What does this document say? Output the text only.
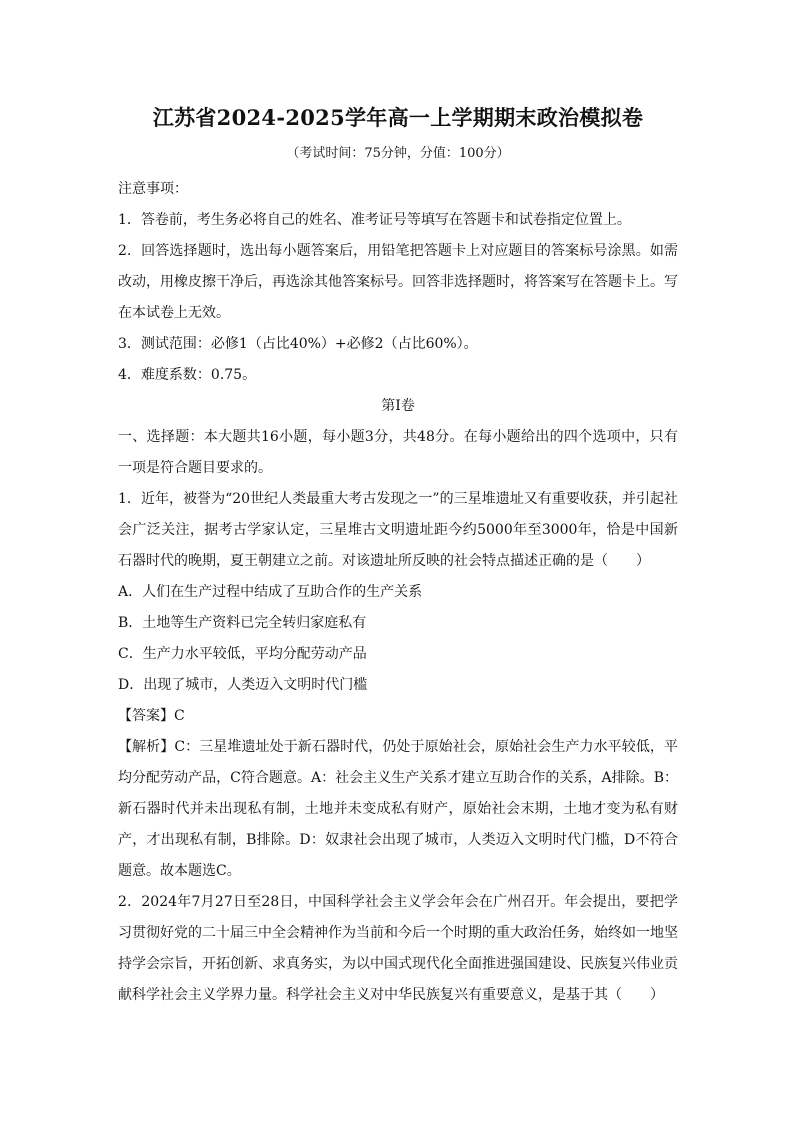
江苏省2024-2025学年高一上学期期末政治模拟卷
（考试时间：75分钟，分值：100分）

注意事项：

1．答卷前，考生务必将自己的姓名、准考证号等填写在答题卡和试卷指定位置上。

2．回答选择题时，选出每小题答案后，用铅笔把答题卡上对应题目的答案标号涂黑。如需改动，用橡皮擦干净后，再选涂其他答案标号。回答非选择题时，将答案写在答题卡上。写在本试卷上无效。

3．测试范围：必修1（占比40%）+必修2（占比60%）。

4．难度系数：0.75。

第Ⅰ卷

一、选择题：本大题共16小题，每小题3分，共48分。在每小题给出的四个选项中，只有一项是符合题目要求的。

1．近年，被誉为“20世纪人类最重大考古发现之一”的三星堆遗址又有重要收获，并引起社会广泛关注，据考古学家认定，三星堆古文明遗址距今约5000年至3000年，恰是中国新石器时代的晚期，夏王朝建立之前。对该遗址所反映的社会特点描述正确的是（　　）

A．人们在生产过程中结成了互助合作的生产关系

B．土地等生产资料已完全转归家庭私有

C．生产力水平较低，平均分配劳动产品

D．出现了城市，人类迈入文明时代门槛

【答案】C

【解析】C：三星堆遗址处于新石器时代，仍处于原始社会，原始社会生产力水平较低，平均分配劳动产品，C符合题意。A：社会主义生产关系才建立互助合作的关系，A排除。B：新石器时代并未出现私有制，土地并未变成私有财产，原始社会末期，土地才变为私有财产，才出现私有制，B排除。D：奴隶社会出现了城市，人类迈入文明时代门槛，D不符合题意。故本题选C。

2．2024年7月27日至28日，中国科学社会主义学会年会在广州召开。年会提出，要把学习贯彻好党的二十届三中全会精神作为当前和今后一个时期的重大政治任务，始终如一地坚持学会宗旨，开拓创新、求真务实，为以中国式现代化全面推进强国建设、民族复兴伟业贡献科学社会主义学界力量。科学社会主义对中华民族复兴有重要意义，是基于其（　　）
